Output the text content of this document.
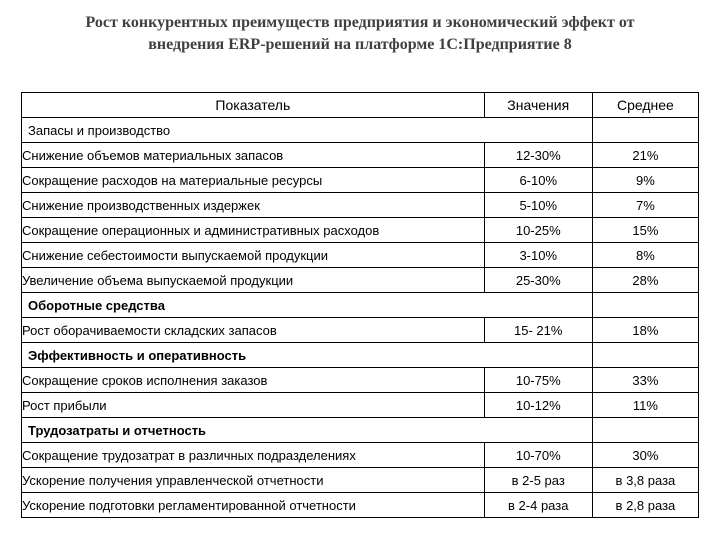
Рост конкурентных преимуществ предприятия и экономический эффект от
внедрения ERP-решений на платформе 1С:Предприятие 8
Показатель	Значения	Среднее
Запасы и производство		
Снижение объемов материальных запасов	12-30%	21%
Сокращение расходов на материальные ресурсы	6-10%	9%
Снижение производственных издержек	5-10%	7%
Сокращение операционных и административных расходов	10-25%	15%
Снижение себестоимости выпускаемой продукции	3-10%	8%
Увеличение объема выпускаемой продукции	25-30%	28%
Оборотные средства		
Рост оборачиваемости складских запасов	15- 21%	18%
Эффективность и оперативность		
Сокращение сроков исполнения заказов	10-75%	33%
Рост прибыли	10-12%	11%
Трудозатраты и отчетность		
Сокращение трудозатрат в различных подразделениях	10-70%	30%
Ускорение получения управленческой отчетности	в 2-5 раз	в 3,8 раза
Ускорение подготовки регламентированной отчетности	в 2-4 раза	в 2,8 раза
